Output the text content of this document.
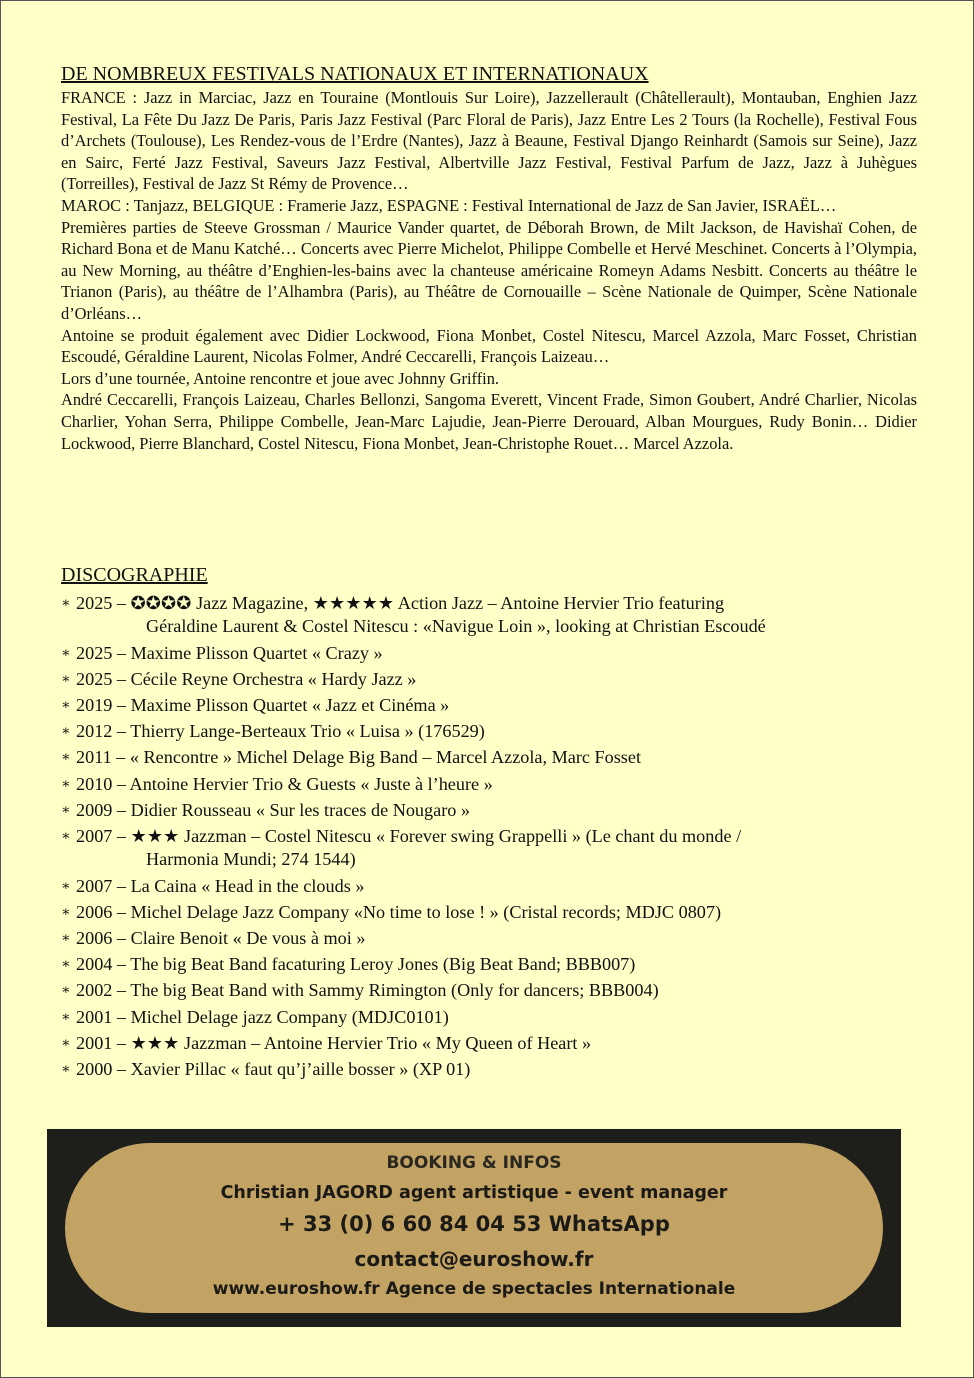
DE NOMBREUX FESTIVALS NATIONAUX ET INTERNATIONAUX

FRANCE : Jazz in Marciac, Jazz en Touraine (Montlouis Sur Loire), Jazzellerault (Châtellerault), Montauban, Enghien Jazz Festival, La Fête Du Jazz De Paris, Paris Jazz Festival (Parc Floral de Paris), Jazz Entre Les 2 Tours (la Rochelle), Festival Fous d’Archets (Toulouse), Les Rendez-vous de l’Erdre (Nantes), Jazz à Beaune, Festival Django Reinhardt (Samois sur Seine), Jazz en Sairc, Ferté Jazz Festival, Saveurs Jazz Festival, Albertville Jazz Festival, Festival Parfum de Jazz, Jazz à Juhègues (Torreilles), Festival de Jazz St Rémy de Provence…

MAROC : Tanjazz, BELGIQUE : Framerie Jazz, ESPAGNE : Festival International de Jazz de San Javier, ISRAËL…

Premières parties de Steeve Grossman / Maurice Vander quartet, de Déborah Brown, de Milt Jackson, de Havishaï Cohen, de Richard Bona et de Manu Katché… Concerts avec Pierre Michelot, Philippe Combelle et Hervé Meschinet. Concerts à l’Olympia, au New Morning, au théâtre d’Enghien-les-bains avec la chanteuse américaine Romeyn Adams Nesbitt. Concerts au théâtre le Trianon (Paris), au théâtre de l’Alhambra (Paris), au Théâtre de Cornouaille – Scène Nationale de Quimper, Scène Nationale d’Orléans…

Antoine se produit également avec Didier Lockwood, Fiona Monbet, Costel Nitescu, Marcel Azzola, Marc Fosset, Christian Escoudé, Géraldine Laurent, Nicolas Folmer, André Ceccarelli, François Laizeau…

Lors d’une tournée, Antoine rencontre et joue avec Johnny Griffin.

André Ceccarelli, François Laizeau, Charles Bellonzi, Sangoma Everett, Vincent Frade, Simon Goubert, André Charlier, Nicolas Charlier, Yohan Serra, Philippe Combelle, Jean-Marc Lajudie, Jean-Pierre Derouard, Alban Mourgues, Rudy Bonin… Didier Lockwood, Pierre Blanchard, Costel Nitescu, Fiona Monbet, Jean-Christophe Rouet… Marcel Azzola.

DISCOGRAPHIE
∗ 2025 – ✪✪✪✪ Jazz Magazine, ★★★★★ Action Jazz – Antoine Hervier Trio featuring
Géraldine Laurent & Costel Nitescu : «Navigue Loin », looking at Christian Escoudé
∗ 2025 – Maxime Plisson Quartet « Crazy »
∗ 2025 – Cécile Reyne Orchestra « Hardy Jazz »
∗ 2019 – Maxime Plisson Quartet « Jazz et Cinéma »
∗ 2012 – Thierry Lange-Berteaux Trio « Luisa » (176529)
∗ 2011 – « Rencontre » Michel Delage Big Band – Marcel Azzola, Marc Fosset
∗ 2010 – Antoine Hervier Trio & Guests « Juste à l’heure »
∗ 2009 – Didier Rousseau « Sur les traces de Nougaro »
∗ 2007 – ★★★ Jazzman – Costel Nitescu « Forever swing Grappelli » (Le chant du monde /
Harmonia Mundi; 274 1544)
∗ 2007 – La Caina « Head in the clouds »
∗ 2006 – Michel Delage Jazz Company «No time to lose ! » (Cristal records; MDJC 0807)
∗ 2006 – Claire Benoit « De vous à moi »
∗ 2004 – The big Beat Band facaturing Leroy Jones (Big Beat Band; BBB007)
∗ 2002 – The big Beat Band with Sammy Rimington (Only for dancers; BBB004)
∗ 2001 – Michel Delage jazz Company (MDJC0101)
∗ 2001 – ★★★ Jazzman – Antoine Hervier Trio « My Queen of Heart »
∗ 2000 – Xavier Pillac « faut qu’j’aille bosser » (XP 01)
BOOKING & INFOS
Christian JAGORD agent artistique - event manager
+ 33 (0) 6 60 84 04 53 WhatsApp
contact@euroshow.fr
www.euroshow.fr Agence de spectacles Internationale
